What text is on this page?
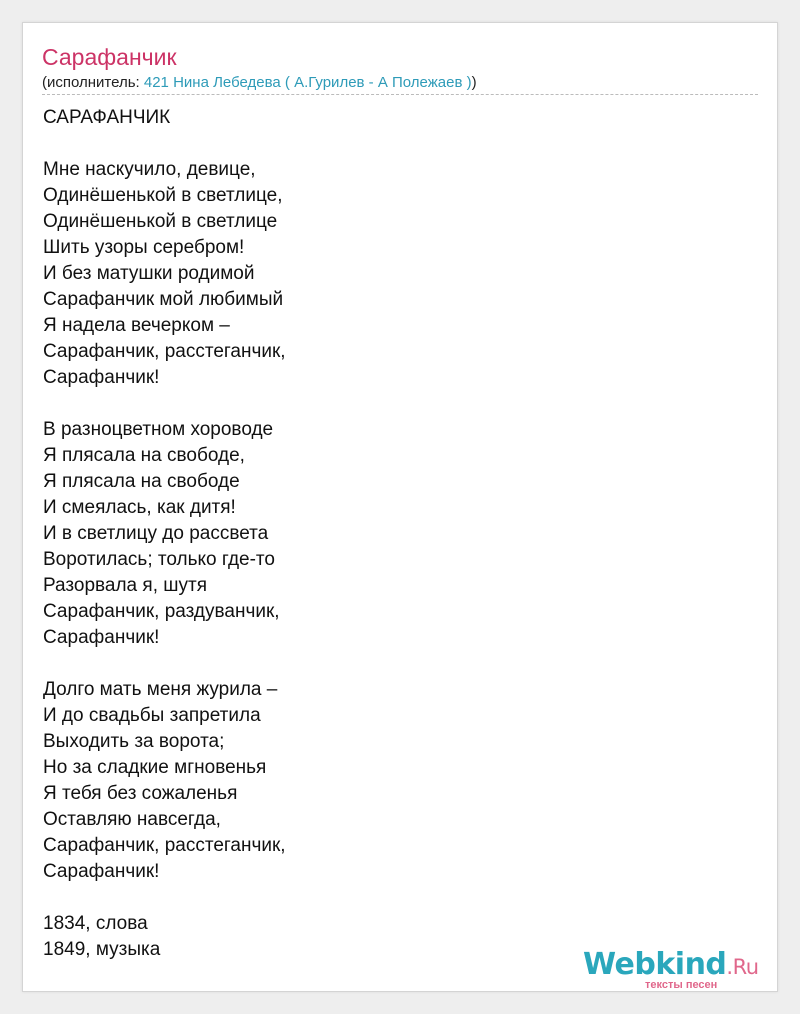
Сарафанчик
(исполнитель: 421 Нина Лебедева ( А.Гурилев - А Полежаев ))
САРАФАНЧИК
Мне наскучило, девице,
Одинёшенькой в светлице,
Одинёшенькой в светлице
Шить узоры серебром!
И без матушки родимой
Сарафанчик мой любимый
Я надела вечерком –
Сарафанчик, расстеганчик,
Сарафанчик!
В разноцветном хороводе
Я плясала на свободе,
Я плясала на свободе
И смеялась, как дитя!
И в светлицу до рассвета
Воротилась; только где-то
Разорвала я, шутя
Сарафанчик, раздуванчик,
Сарафанчик!
Долго мать меня журила –
И до свадьбы запретила
Выходить за ворота;
Но за сладкие мгновенья
Я тебя без сожаленья
Оставляю навсегда,
Сарафанчик, расстеганчик,
Сарафанчик!
1834, слова
1849, музыка	Webkind.Ru
тексты песен
